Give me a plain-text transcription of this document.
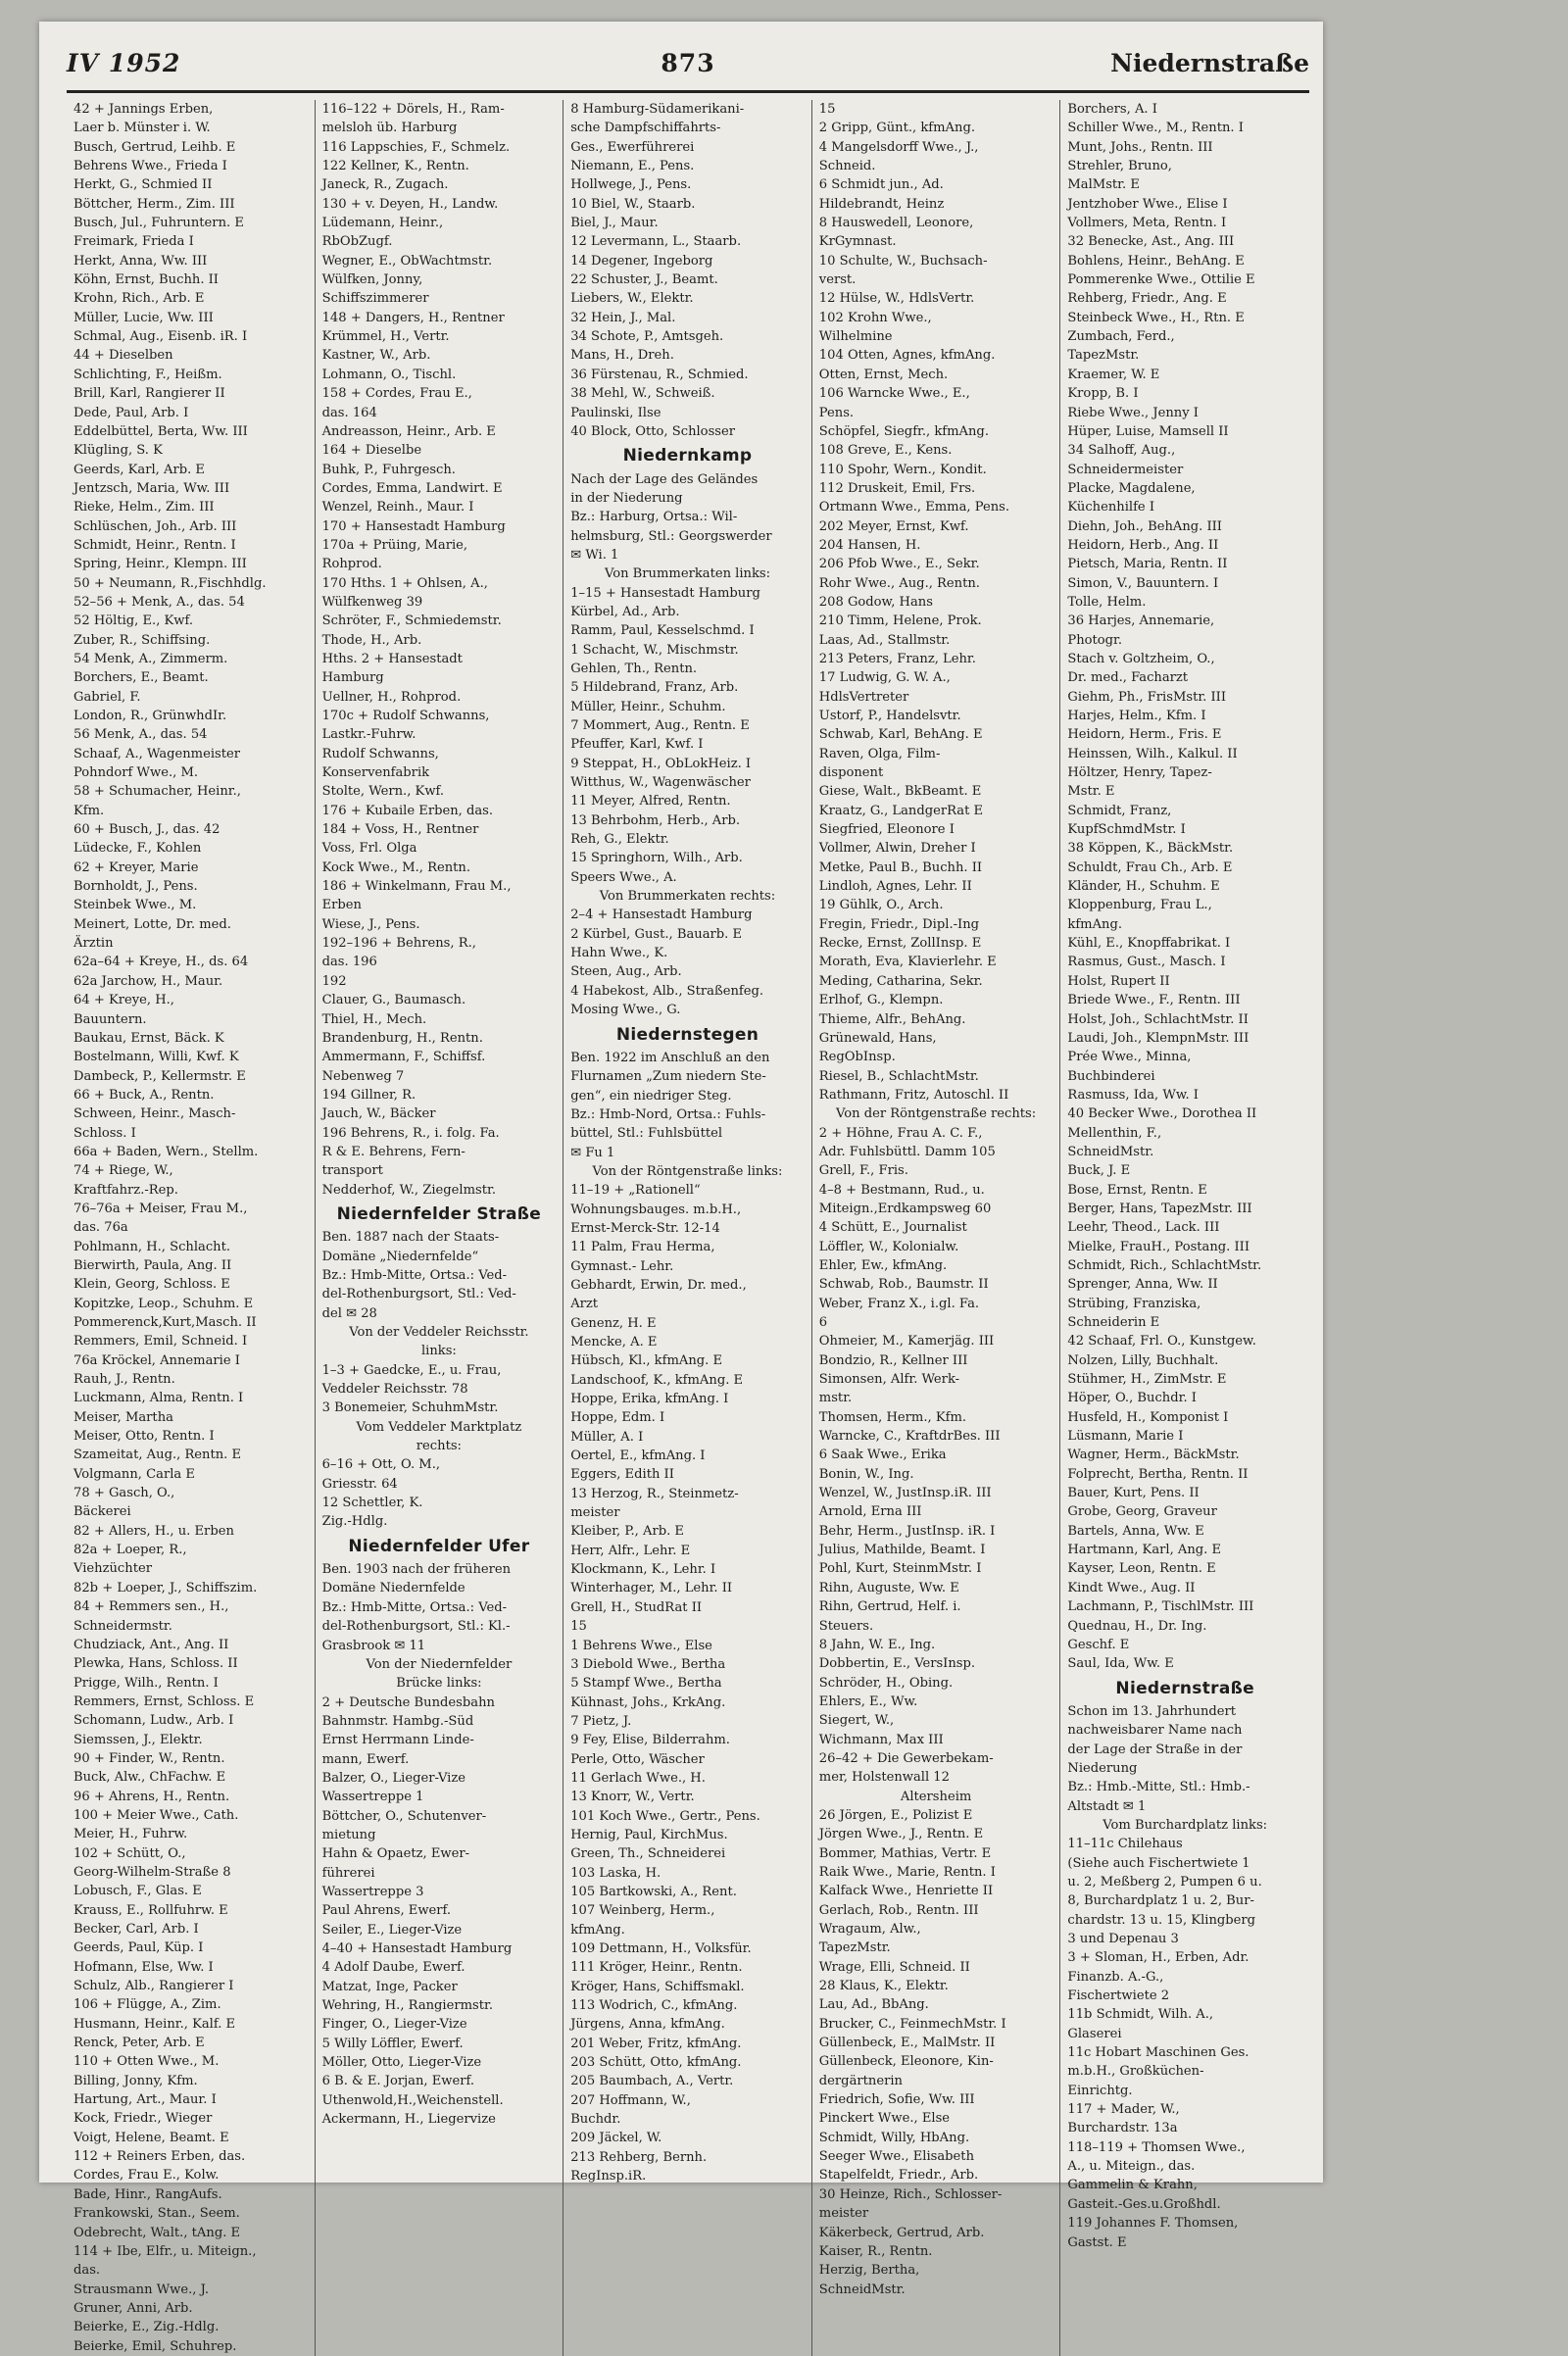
IV 1952	873	Niedernstraße
42 + Jannings Erben,
Laer b. Münster i. W.
Busch, Gertrud, Leihb. E
Behrens Wwe., Frieda I
Herkt, G., Schmied II
Böttcher, Herm., Zim. III
Busch, Jul., Fuhruntern. E
Freimark, Frieda I
Herkt, Anna, Ww. III
Köhn, Ernst, Buchh. II
Krohn, Rich., Arb. E
Müller, Lucie, Ww. III
Schmal, Aug., Eisenb. iR. I
44 + Dieselben
Schlichting, F., Heißm.
Brill, Karl, Rangierer II
Dede, Paul, Arb. I
Eddelbüttel, Berta, Ww. III
Klügling, S. K
Geerds, Karl, Arb. E
Jentzsch, Maria, Ww. III
Rieke, Helm., Zim. III
Schlüschen, Joh., Arb. III
Schmidt, Heinr., Rentn. I
Spring, Heinr., Klempn. III
50 + Neumann, R.,Fischhdlg.
52–56 + Menk, A., das. 54
52 Höltig, E., Kwf.
Zuber, R., Schiffsing.
54 Menk, A., Zimmerm.
Borchers, E., Beamt.
Gabriel, F.
London, R., GrünwhdIr.
56 Menk, A., das. 54
Schaaf, A., Wagenmeister
Pohndorf Wwe., M.
58 + Schumacher, Heinr.,
Kfm.
60 + Busch, J., das. 42
Lüdecke, F., Kohlen
62 + Kreyer, Marie
Bornholdt, J., Pens.
Steinbek Wwe., M.
Meinert, Lotte, Dr. med.
Ärztin
62a–64 + Kreye, H., ds. 64
62a Jarchow, H., Maur.
64 + Kreye, H.,
Bauuntern.
Baukau, Ernst, Bäck. K
Bostelmann, Willi, Kwf. K
Dambeck, P., Kellermstr. E
66 + Buck, A., Rentn.
Schween, Heinr., Masch-
Schloss. I
66a + Baden, Wern., Stellm.
74 + Riege, W.,
Kraftfahrz.-Rep.
76–76a + Meiser, Frau M.,
das. 76a
Pohlmann, H., Schlacht.
Bierwirth, Paula, Ang. II
Klein, Georg, Schloss. E
Kopitzke, Leop., Schuhm. E
Pommerenck,Kurt,Masch. II
Remmers, Emil, Schneid. I
76a Kröckel, Annemarie I
Rauh, J., Rentn.
Luckmann, Alma, Rentn. I
Meiser, Martha
Meiser, Otto, Rentn. I
Szameitat, Aug., Rentn. E
Volgmann, Carla E
78 + Gasch, O.,
Bäckerei
82 + Allers, H., u. Erben
82a + Loeper, R.,
Viehzüchter
82b + Loeper, J., Schiffszim.
84 + Remmers sen., H.,
Schneidermstr.
Chudziack, Ant., Ang. II
Plewka, Hans, Schloss. II
Prigge, Wilh., Rentn. I
Remmers, Ernst, Schloss. E
Schomann, Ludw., Arb. I
Siemssen, J., Elektr.
90 + Finder, W., Rentn.
Buck, Alw., ChFachw. E
96 + Ahrens, H., Rentn.
100 + Meier Wwe., Cath.
Meier, H., Fuhrw.
102 + Schütt, O.,
Georg-Wilhelm-Straße 8
Lobusch, F., Glas. E
Krauss, E., Rollfuhrw. E
Becker, Carl, Arb. I
Geerds, Paul, Küp. I
Hofmann, Else, Ww. I
Schulz, Alb., Rangierer I
106 + Flügge, A., Zim.
Husmann, Heinr., Kalf. E
Renck, Peter, Arb. E
110 + Otten Wwe., M.
Billing, Jonny, Kfm.
Hartung, Art., Maur. I
Kock, Friedr., Wieger
Voigt, Helene, Beamt. E
112 + Reiners Erben, das.
Cordes, Frau E., Kolw.
Bade, Hinr., RangAufs.
Frankowski, Stan., Seem.
Odebrecht, Walt., tAng. E
114 + Ibe, Elfr., u. Miteign.,
das.
Strausmann Wwe., J.
Gruner, Anni, Arb.
Beierke, E., Zig.-Hdlg.
Beierke, Emil, Schuhrep.
116–122 + Dörels, H., Ram-
melsloh üb. Harburg
116 Lappschies, F., Schmelz.
122 Kellner, K., Rentn.
Janeck, R., Zugach.
130 + v. Deyen, H., Landw.
Lüdemann, Heinr.,
RbObZugf.
Wegner, E., ObWachtmstr.
Wülfken, Jonny,
Schiffszimmerer
148 + Dangers, H., Rentner
Krümmel, H., Vertr.
Kastner, W., Arb.
Lohmann, O., Tischl.
158 + Cordes, Frau E.,
das. 164
Andreasson, Heinr., Arb. E
164 + Dieselbe
Buhk, P., Fuhrgesch.
Cordes, Emma, Landwirt. E
Wenzel, Reinh., Maur. I
170 + Hansestadt Hamburg
170a + Prüing, Marie,
Rohprod.
170 Hths. 1 + Ohlsen, A.,
Wülfkenweg 39
Schröter, F., Schmiedemstr.
Thode, H., Arb.
Hths. 2 + Hansestadt
Hamburg
Uellner, H., Rohprod.
170c + Rudolf Schwanns,
Lastkr.-Fuhrw.
Rudolf Schwanns,
Konservenfabrik
Stolte, Wern., Kwf.
176 + Kubaile Erben, das.
184 + Voss, H., Rentner
Voss, Frl. Olga
Kock Wwe., M., Rentn.
186 + Winkelmann, Frau M.,
Erben
Wiese, J., Pens.
192–196 + Behrens, R.,
das. 196
192
Clauer, G., Baumasch.
Thiel, H., Mech.
Brandenburg, H., Rentn.
Ammermann, F., Schiffsf.
Nebenweg 7
194 Gillner, R.
Jauch, W., Bäcker
196 Behrens, R., i. folg. Fa.
R & E. Behrens, Fern-
transport
Nedderhof, W., Ziegelmstr.
Niedernfelder Straße
Ben. 1887 nach der Staats-
Domäne „Niedernfelde“
Bz.: Hmb-Mitte, Ortsa.: Ved-
del-Rothenburgsort, Stl.: Ved-
del ✉ 28
Von der Veddeler Reichsstr.
links:
1–3 + Gaedcke, E., u. Frau,
Veddeler Reichsstr. 78
3 Bonemeier, SchuhmMstr.
Vom Veddeler Marktplatz
rechts:
6–16 + Ott, O. M.,
Griesstr. 64
12 Schettler, K.
Zig.-Hdlg.
Niedernfelder Ufer
Ben. 1903 nach der früheren
Domäne Niedernfelde
Bz.: Hmb-Mitte, Ortsa.: Ved-
del-Rothenburgsort, Stl.: Kl.-
Grasbrook ✉ 11
Von der Niedernfelder
Brücke links:
2 + Deutsche Bundesbahn
Bahnmstr. Hambg.-Süd
Ernst Herrmann Linde-
mann, Ewerf.
Balzer, O., Lieger-Vize
Wassertreppe 1
Böttcher, O., Schutenver-
mietung
Hahn & Opaetz, Ewer-
führerei
Wassertreppe 3
Paul Ahrens, Ewerf.
Seiler, E., Lieger-Vize
4–40 + Hansestadt Hamburg
4 Adolf Daube, Ewerf.
Matzat, Inge, Packer
Wehring, H., Rangiermstr.
Finger, O., Lieger-Vize
5 Willy Löffler, Ewerf.
Möller, Otto, Lieger-Vize
6 B. & E. Jorjan, Ewerf.
Uthenwold,H.,Weichenstell.
Ackermann, H., Liegervize
8 Hamburg-Südamerikani-
sche Dampfschiffahrts-
Ges., Ewerführerei
Niemann, E., Pens.
Hollwege, J., Pens.
10 Biel, W., Staarb.
Biel, J., Maur.
12 Levermann, L., Staarb.
14 Degener, Ingeborg
22 Schuster, J., Beamt.
Liebers, W., Elektr.
32 Hein, J., Mal.
34 Schote, P., Amtsgeh.
Mans, H., Dreh.
36 Fürstenau, R., Schmied.
38 Mehl, W., Schweiß.
Paulinski, Ilse
40 Block, Otto, Schlosser
Niedernkamp
Nach der Lage des Geländes
in der Niederung
Bz.: Harburg, Ortsa.: Wil-
helmsburg, Stl.: Georgswerder
✉ Wi. 1
Von Brummerkaten links:
1–15 + Hansestadt Hamburg
Kürbel, Ad., Arb.
Ramm, Paul, Kesselschmd. I
1 Schacht, W., Mischmstr.
Gehlen, Th., Rentn.
5 Hildebrand, Franz, Arb.
Müller, Heinr., Schuhm.
7 Mommert, Aug., Rentn. E
Pfeuffer, Karl, Kwf. I
9 Steppat, H., ObLokHeiz. I
Witthus, W., Wagenwäscher
11 Meyer, Alfred, Rentn.
13 Behrbohm, Herb., Arb.
Reh, G., Elektr.
15 Springhorn, Wilh., Arb.
Speers Wwe., A.
Von Brummerkaten rechts:
2–4 + Hansestadt Hamburg
2 Kürbel, Gust., Bauarb. E
Hahn Wwe., K.
Steen, Aug., Arb.
4 Habekost, Alb., Straßenfeg.
Mosing Wwe., G.
Niedernstegen
Ben. 1922 im Anschluß an den
Flurnamen „Zum niedern Ste-
gen“, ein niedriger Steg.
Bz.: Hmb-Nord, Ortsa.: Fuhls-
büttel, Stl.: Fuhlsbüttel
✉ Fu 1
Von der Röntgenstraße links:
11–19 + „Rationell“
Wohnungsbauges. m.b.H.,
Ernst-Merck-Str. 12-14
11 Palm, Frau Herma,
Gymnast.- Lehr.
Gebhardt, Erwin, Dr. med.,
Arzt
Genenz, H. E
Mencke, A. E
Hübsch, Kl., kfmAng. E
Landschoof, K., kfmAng. E
Hoppe, Erika, kfmAng. I
Hoppe, Edm. I
Müller, A. I
Oertel, E., kfmAng. I
Eggers, Edith II
13 Herzog, R., Steinmetz-
meister
Kleiber, P., Arb. E
Herr, Alfr., Lehr. E
Klockmann, K., Lehr. I
Winterhager, M., Lehr. II
Grell, H., StudRat II
15
1 Behrens Wwe., Else
3 Diebold Wwe., Bertha
5 Stampf Wwe., Bertha
Kühnast, Johs., KrkAng.
7 Pietz, J.
9 Fey, Elise, Bilderrahm.
Perle, Otto, Wäscher
11 Gerlach Wwe., H.
13 Knorr, W., Vertr.
101 Koch Wwe., Gertr., Pens.
Hernig, Paul, KirchMus.
Green, Th., Schneiderei
103 Laska, H.
105 Bartkowski, A., Rent.
107 Weinberg, Herm.,
kfmAng.
109 Dettmann, H., Volksfür.
111 Kröger, Heinr., Rentn.
Kröger, Hans, Schiffsmakl.
113 Wodrich, C., kfmAng.
Jürgens, Anna, kfmAng.
201 Weber, Fritz, kfmAng.
203 Schütt, Otto, kfmAng.
205 Baumbach, A., Vertr.
207 Hoffmann, W.,
Buchdr.
209 Jäckel, W.
213 Rehberg, Bernh.
RegInsp.iR.
15
2 Gripp, Günt., kfmAng.
4 Mangelsdorff Wwe., J.,
Schneid.
6 Schmidt jun., Ad.
Hildebrandt, Heinz
8 Hauswedell, Leonore,
KrGymnast.
10 Schulte, W., Buchsach-
verst.
12 Hülse, W., HdlsVertr.
102 Krohn Wwe.,
Wilhelmine
104 Otten, Agnes, kfmAng.
Otten, Ernst, Mech.
106 Warncke Wwe., E.,
Pens.
Schöpfel, Siegfr., kfmAng.
108 Greve, E., Kens.
110 Spohr, Wern., Kondit.
112 Druskeit, Emil, Frs.
Ortmann Wwe., Emma, Pens.
202 Meyer, Ernst, Kwf.
204 Hansen, H.
206 Pfob Wwe., E., Sekr.
Rohr Wwe., Aug., Rentn.
208 Godow, Hans
210 Timm, Helene, Prok.
Laas, Ad., Stallmstr.
213 Peters, Franz, Lehr.
17 Ludwig, G. W. A.,
HdlsVertreter
Ustorf, P., Handelsvtr.
Schwab, Karl, BehAng. E
Raven, Olga, Film-
disponent
Giese, Walt., BkBeamt. E
Kraatz, G., LandgerRat E
Siegfried, Eleonore I
Vollmer, Alwin, Dreher I
Metke, Paul B., Buchh. II
Lindloh, Agnes, Lehr. II
19 Gühlk, O., Arch.
Fregin, Friedr., Dipl.-Ing
Recke, Ernst, ZollInsp. E
Morath, Eva, Klavierlehr. E
Meding, Catharina, Sekr.
Erlhof, G., Klempn.
Thieme, Alfr., BehAng.
Grünewald, Hans,
RegObInsp.
Riesel, B., SchlachtMstr.
Rathmann, Fritz, Autoschl. II
Von der Röntgenstraße rechts:
2 + Höhne, Frau A. C. F.,
Adr. Fuhlsbüttl. Damm 105
Grell, F., Fris.
4–8 + Bestmann, Rud., u.
Miteign.,Erdkampsweg 60
4 Schütt, E., Journalist
Löffler, W., Kolonialw.
Ehler, Ew., kfmAng.
Schwab, Rob., Baumstr. II
Weber, Franz X., i.gl. Fa.
6
Ohmeier, M., Kamerjäg. III
Bondzio, R., Kellner III
Simonsen, Alfr. Werk-
mstr.
Thomsen, Herm., Kfm.
Warncke, C., KraftdrBes. III
6 Saak Wwe., Erika
Bonin, W., Ing.
Wenzel, W., JustInsp.iR. III
Arnold, Erna III
Behr, Herm., JustInsp. iR. I
Julius, Mathilde, Beamt. I
Pohl, Kurt, SteinmMstr. I
Rihn, Auguste, Ww. E
Rihn, Gertrud, Helf. i.
Steuers.
8 Jahn, W. E., Ing.
Dobbertin, E., VersInsp.
Schröder, H., Obing.
Ehlers, E., Ww.
Siegert, W.,
Wichmann, Max III
26–42 + Die Gewerbekam-
mer, Holstenwall 12
Altersheim
26 Jörgen, E., Polizist E
Jörgen Wwe., J., Rentn. E
Bommer, Mathias, Vertr. E
Raik Wwe., Marie, Rentn. I
Kalfack Wwe., Henriette II
Gerlach, Rob., Rentn. III
Wragaum, Alw.,
TapezMstr.
Wrage, Elli, Schneid. II
28 Klaus, K., Elektr.
Lau, Ad., BbAng.
Brucker, C., FeinmechMstr. I
Güllenbeck, E., MalMstr. II
Güllenbeck, Eleonore, Kin-
dergärtnerin
Friedrich, Sofie, Ww. III
Pinckert Wwe., Else
Schmidt, Willy, HbAng.
Seeger Wwe., Elisabeth
Stapelfeldt, Friedr., Arb.
30 Heinze, Rich., Schlosser-
meister
Käkerbeck, Gertrud, Arb.
Kaiser, R., Rentn.
Herzig, Bertha,
SchneidMstr.
Borchers, A. I
Schiller Wwe., M., Rentn. I
Munt, Johs., Rentn. III
Strehler, Bruno,
MalMstr. E
Jentzhober Wwe., Elise I
Vollmers, Meta, Rentn. I
32 Benecke, Ast., Ang. III
Bohlens, Heinr., BehAng. E
Pommerenke Wwe., Ottilie E
Rehberg, Friedr., Ang. E
Steinbeck Wwe., H., Rtn. E
Zumbach, Ferd.,
TapezMstr.
Kraemer, W. E
Kropp, B. I
Riebe Wwe., Jenny I
Hüper, Luise, Mamsell II
34 Salhoff, Aug.,
Schneidermeister
Placke, Magdalene,
Küchenhilfe I
Diehn, Joh., BehAng. III
Heidorn, Herb., Ang. II
Pietsch, Maria, Rentn. II
Simon, V., Bauuntern. I
Tolle, Helm.
36 Harjes, Annemarie,
Photogr.
Stach v. Goltzheim, O.,
Dr. med., Facharzt
Giehm, Ph., FrisMstr. III
Harjes, Helm., Kfm. I
Heidorn, Herm., Fris. E
Heinssen, Wilh., Kalkul. II
Höltzer, Henry, Tapez-
Mstr. E
Schmidt, Franz,
KupfSchmdMstr. I
38 Köppen, K., BäckMstr.
Schuldt, Frau Ch., Arb. E
Kländer, H., Schuhm. E
Kloppenburg, Frau L.,
kfmAng.
Kühl, E., Knopffabrikat. I
Rasmus, Gust., Masch. I
Holst, Rupert II
Briede Wwe., F., Rentn. III
Holst, Joh., SchlachtMstr. II
Laudi, Joh., KlempnMstr. III
Prée Wwe., Minna,
Buchbinderei
Rasmuss, Ida, Ww. I
40 Becker Wwe., Dorothea II
Mellenthin, F.,
SchneidMstr.
Buck, J. E
Bose, Ernst, Rentn. E
Berger, Hans, TapezMstr. III
Leehr, Theod., Lack. III
Mielke, FrauH., Postang. III
Schmidt, Rich., SchlachtMstr.
Sprenger, Anna, Ww. II
Strübing, Franziska,
Schneiderin E
42 Schaaf, Frl. O., Kunstgew.
Nolzen, Lilly, Buchhalt.
Stühmer, H., ZimMstr. E
Höper, O., Buchdr. I
Husfeld, H., Komponist I
Lüsmann, Marie I
Wagner, Herm., BäckMstr.
Folprecht, Bertha, Rentn. II
Bauer, Kurt, Pens. II
Grobe, Georg, Graveur
Bartels, Anna, Ww. E
Hartmann, Karl, Ang. E
Kayser, Leon, Rentn. E
Kindt Wwe., Aug. II
Lachmann, P., TischlMstr. III
Quednau, H., Dr. Ing.
Geschf. E
Saul, Ida, Ww. E
Niedernstraße
Schon im 13. Jahrhundert
nachweisbarer Name nach
der Lage der Straße in der
Niederung
Bz.: Hmb.-Mitte, Stl.: Hmb.-
Altstadt ✉ 1
Vom Burchardplatz links:
11–11c Chilehaus
(Siehe auch Fischertwiete 1
u. 2, Meßberg 2, Pumpen 6 u.
8, Burchardplatz 1 u. 2, Bur-
chardstr. 13 u. 15, Klingberg
3 und Depenau 3
3 + Sloman, H., Erben, Adr.
Finanzb. A.-G.,
Fischertwiete 2
11b Schmidt, Wilh. A.,
Glaserei
11c Hobart Maschinen Ges.
m.b.H., Großküchen-
Einrichtg.
117 + Mader, W.,
Burchardstr. 13a
118–119 + Thomsen Wwe.,
A., u. Miteign., das.
Gammelin & Krahn,
Gasteit.-Ges.u.Großhdl.
119 Johannes F. Thomsen,
Gastst. E
